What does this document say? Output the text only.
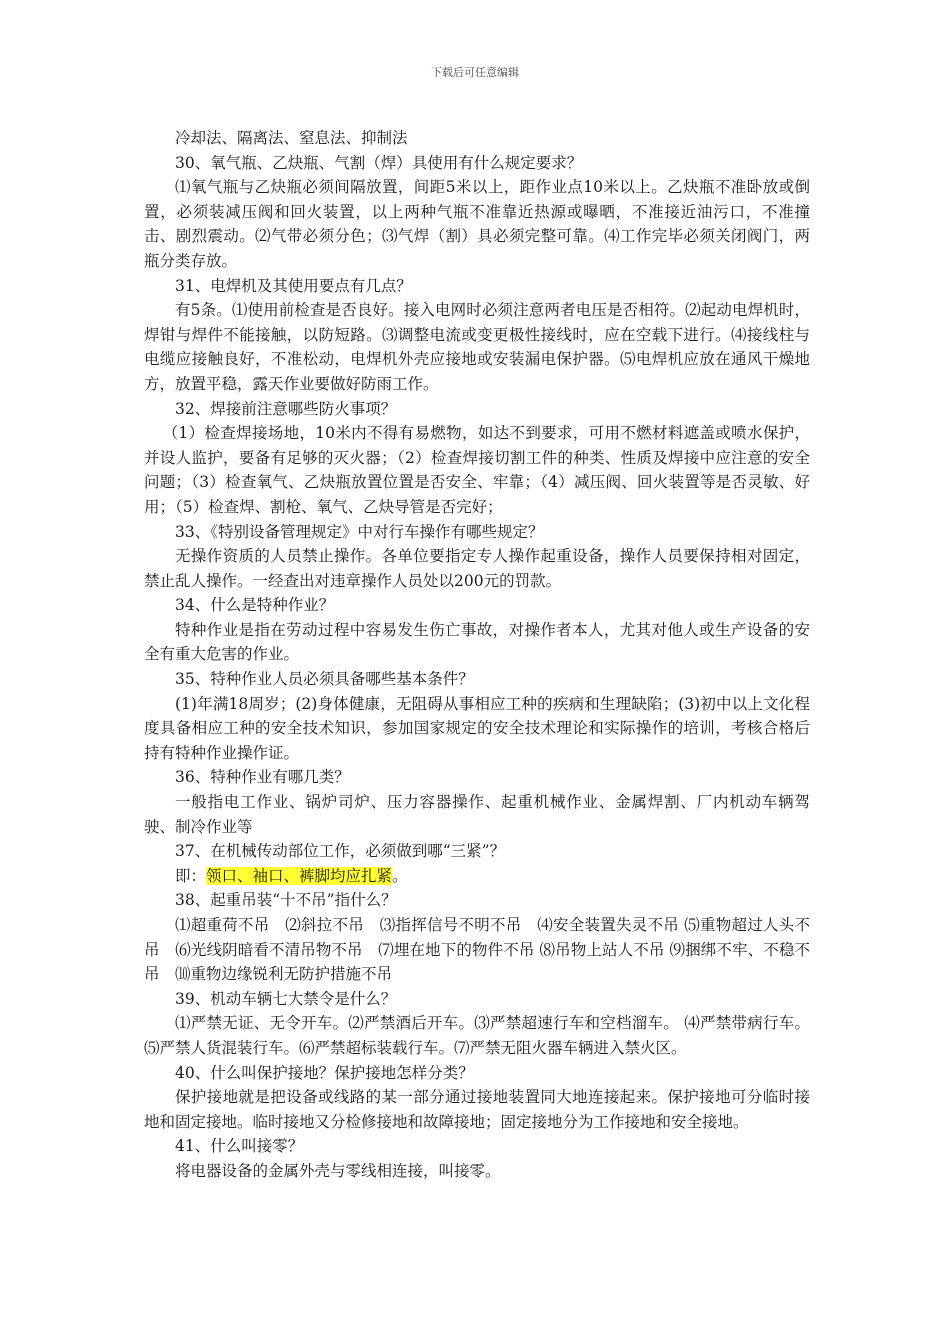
下载后可任意编辑

冷却法、隔离法、窒息法、抑制法

30、氧气瓶、乙炔瓶、气割（焊）具使用有什么规定要求？

⑴氧气瓶与乙炔瓶必须间隔放置，间距5米以上，距作业点10米以上。乙炔瓶不准卧放或倒置，必须装减压阀和回火装置，以上两种气瓶不准靠近热源或曝晒，不准接近油污口，不准撞击、剧烈震动。⑵气带必须分色；⑶气焊（割）具必须完整可靠。⑷工作完毕必须关闭阀门，两瓶分类存放。

31、电焊机及其使用要点有几点？

有5条。⑴使用前检查是否良好。接入电网时必须注意两者电压是否相符。⑵起动电焊机时，焊钳与焊件不能接触，以防短路。⑶调整电流或变更极性接线时，应在空载下进行。⑷接线柱与电缆应接触良好，不准松动，电焊机外壳应接地或安装漏电保护器。⑸电焊机应放在通风干燥地方，放置平稳，露天作业要做好防雨工作。

32、焊接前注意哪些防火事项？

（1）检查焊接场地，10米内不得有易燃物，如达不到要求，可用不燃材料遮盖或喷水保护，并设人监护，要备有足够的灭火器；（2）检查焊接切割工件的种类、性质及焊接中应注意的安全问题；（3）检查氧气、乙炔瓶放置位置是否安全、牢靠；（4）减压阀、回火装置等是否灵敏、好用；（5）检查焊、割枪、氧气、乙炔导管是否完好；

33、《特别设备管理规定》中对行车操作有哪些规定？

无操作资质的人员禁止操作。各单位要指定专人操作起重设备，操作人员要保持相对固定，禁止乱人操作。一经查出对违章操作人员处以200元的罚款。

34、什么是特种作业？

特种作业是指在劳动过程中容易发生伤亡事故，对操作者本人，尤其对他人或生产设备的安全有重大危害的作业。

35、特种作业人员必须具备哪些基本条件？

(1)年满18周岁；(2)身体健康，无阻碍从事相应工种的疾病和生理缺陷；(3)初中以上文化程度具备相应工种的安全技术知识，参加国家规定的安全技术理论和实际操作的培训，考核合格后持有特种作业操作证。

36、特种作业有哪几类？

一般指电工作业、锅炉司炉、压力容器操作、起重机械作业、金属焊割、厂内机动车辆驾驶、制冷作业等

37、在机械传动部位工作，必须做到哪“三紧”？

即：领口、袖口、裤脚均应扎紧。

38、起重吊装“十不吊”指什么？

⑴超重荷不吊　⑵斜拉不吊　⑶指挥信号不明不吊　⑷安全装置失灵不吊 ⑸重物超过人头不吊　⑹光线阴暗看不清吊物不吊　⑺埋在地下的物件不吊 ⑻吊物上站人不吊 ⑼捆绑不牢、不稳不吊　⑽重物边缘锐利无防护措施不吊

39、机动车辆七大禁令是什么？

⑴严禁无证、无令开车。⑵严禁酒后开车。⑶严禁超速行车和空档溜车。 ⑷严禁带病行车。⑸严禁人货混装行车。⑹严禁超标装载行车。⑺严禁无阻火器车辆进入禁火区。

40、什么叫保护接地？保护接地怎样分类？

保护接地就是把设备或线路的某一部分通过接地装置同大地连接起来。保护接地可分临时接地和固定接地。临时接地又分检修接地和故障接地；固定接地分为工作接地和安全接地。

41、什么叫接零？

将电器设备的金属外壳与零线相连接，叫接零。
